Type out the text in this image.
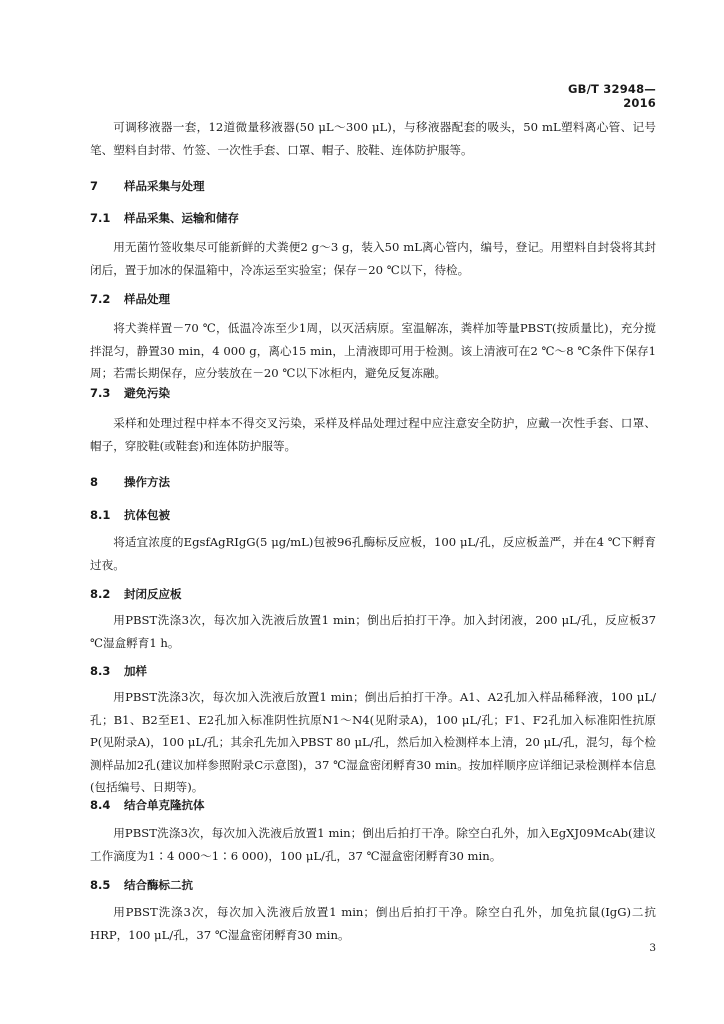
GB/T 32948—2016

可调移液器一套，12道微量移液器(50 μL～300 μL)，与移液器配套的吸头，50 mL塑料离心管、记号笔、塑料自封带、竹签、一次性手套、口罩、帽子、胶鞋、连体防护服等。

7 样品采集与处理
7.1 样品采集、运输和储存

用无菌竹签收集尽可能新鲜的犬粪便2 g～3 g，装入50 mL离心管内，编号，登记。用塑料自封袋将其封闭后，置于加冰的保温箱中，冷冻运至实验室；保存－20 ℃以下，待检。

7.2 样品处理

将犬粪样置－70 ℃，低温冷冻至少1周，以灭活病原。室温解冻，粪样加等量PBST(按质量比)，充分搅拌混匀，静置30 min，4 000 g，离心15 min，上清液即可用于检测。该上清液可在2 ℃～8 ℃条件下保存1周；若需长期保存，应分装放在－20 ℃以下冰柜内，避免反复冻融。

7.3 避免污染

采样和处理过程中样本不得交叉污染，采样及样品处理过程中应注意安全防护，应戴一次性手套、口罩、帽子，穿胶鞋(或鞋套)和连体防护服等。

8 操作方法
8.1 抗体包被

将适宜浓度的EgsfAgRIgG(5 μg/mL)包被96孔酶标反应板，100 μL/孔，反应板盖严，并在4 ℃下孵育过夜。

8.2 封闭反应板

用PBST洗涤3次，每次加入洗液后放置1 min；倒出后拍打干净。加入封闭液，200 μL/孔，反应板37 ℃湿盒孵育1 h。

8.3 加样

用PBST洗涤3次，每次加入洗液后放置1 min；倒出后拍打干净。A1、A2孔加入样品稀释液，100 μL/孔；B1、B2至E1、E2孔加入标准阴性抗原N1～N4(见附录A)，100 μL/孔；F1、F2孔加入标准阳性抗原P(见附录A)，100 μL/孔；其余孔先加入PBST 80 μL/孔，然后加入检测样本上清，20 μL/孔，混匀，每个检测样品加2孔(建议加样参照附录C示意图)，37 ℃湿盒密闭孵育30 min。按加样顺序应详细记录检测样本信息(包括编号、日期等)。

8.4 结合单克隆抗体

用PBST洗涤3次，每次加入洗液后放置1 min；倒出后拍打干净。除空白孔外，加入EgXJ09McAb(建议工作滴度为1∶4 000～1∶6 000)，100 μL/孔，37 ℃湿盒密闭孵育30 min。

8.5 结合酶标二抗

用PBST洗涤3次，每次加入洗液后放置1 min；倒出后拍打干净。除空白孔外，加兔抗鼠(IgG)二抗HRP，100 μL/孔，37 ℃湿盒密闭孵育30 min。

3
